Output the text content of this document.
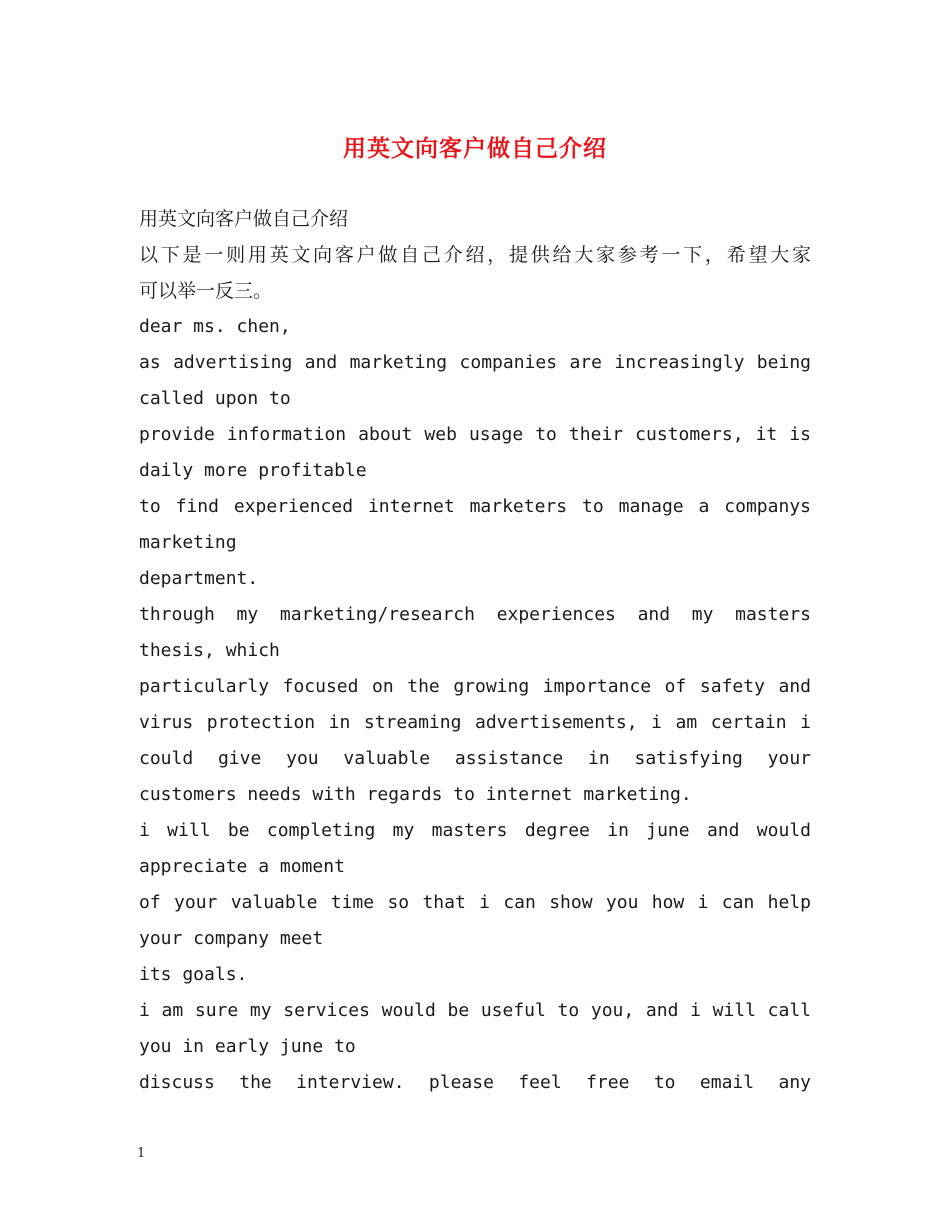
用英文向客户做自己介绍
用英文向客户做自己介绍
以下是一则用英文向客户做自己介绍，提供给大家参考一下，希望大家
可以举一反三。
dear ms. chen,
as advertising and marketing companies are increasingly being
called upon to
provide information about web usage to their customers, it is
daily more profitable
to find experienced internet marketers to manage a companys
marketing
department.
through my marketing/research experiences and my masters
thesis, which
particularly focused on the growing importance of safety and
virus protection in streaming advertisements, i am certain i
could give you valuable assistance in satisfying your
customers needs with regards to internet marketing.
i will be completing my masters degree in june and would
appreciate a moment
of your valuable time so that i can show you how i can help
your company meet
its goals.
i am sure my services would be useful to you, and i will call
you in early june to
discuss the interview. please feel free to email any
1
